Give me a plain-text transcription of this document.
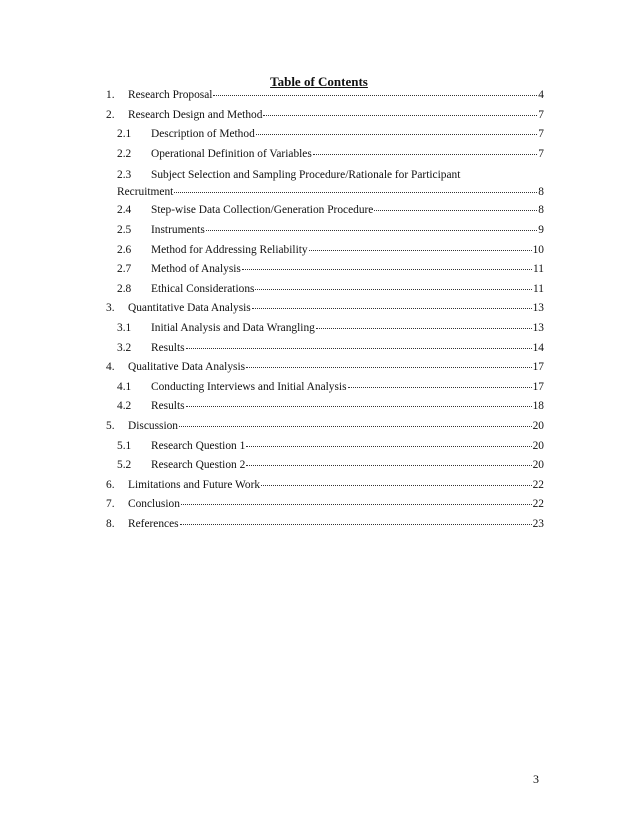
Table of Contents
1.	Research Proposal	4
2.	Research Design and Method	7
2.1	Description of Method	7
2.2	Operational Definition of Variables	7
2.3	Subject Selection and Sampling Procedure/Rationale for Participant
Recruitment	8
2.4	Step-wise Data Collection/Generation Procedure	8
2.5	Instruments	9
2.6	Method for Addressing Reliability	10
2.7	Method of Analysis	11
2.8	Ethical Considerations	11
3.	Quantitative Data Analysis	13
3.1	Initial Analysis and Data Wrangling	13
3.2	Results	14
4.	Qualitative Data Analysis	17
4.1	Conducting Interviews and Initial Analysis	17
4.2	Results	18
5.	Discussion	20
5.1	Research Question 1	20
5.2	Research Question 2	20
6.	Limitations and Future Work	22
7.	Conclusion	22
8.	References	23
3
